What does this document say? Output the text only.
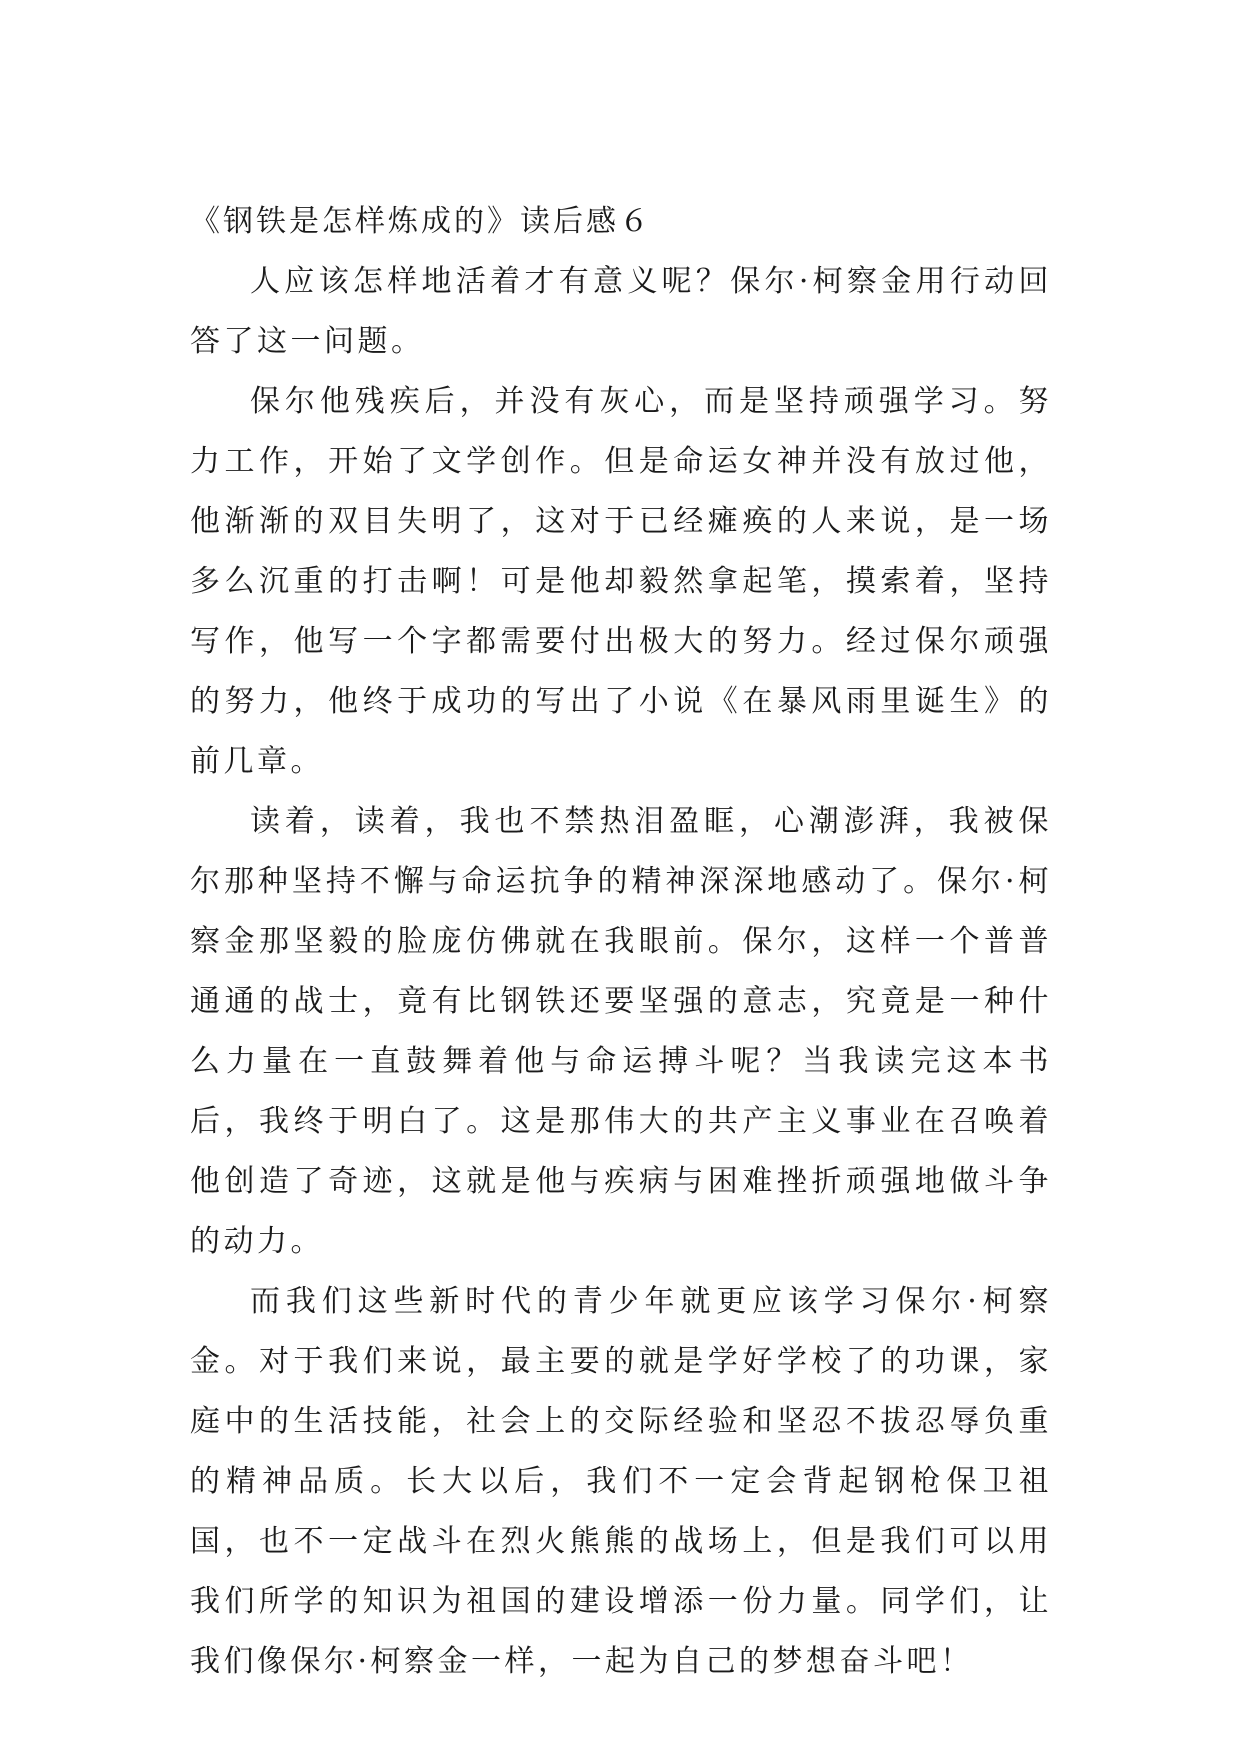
《钢铁是怎样炼成的》读后感６

人应该怎样地活着才有意义呢？保尔·柯察金用行动回答了这一问题。

保尔他残疾后，并没有灰心，而是坚持顽强学习。努力工作，开始了文学创作。但是命运女神并没有放过他，他渐渐的双目失明了，这对于已经瘫痪的人来说，是一场多么沉重的打击啊！可是他却毅然拿起笔，摸索着，坚持写作，他写一个字都需要付出极大的努力。经过保尔顽强的努力，他终于成功的写出了小说《在暴风雨里诞生》的前几章。

读着，读着，我也不禁热泪盈眶，心潮澎湃，我被保尔那种坚持不懈与命运抗争的精神深深地感动了。保尔·柯察金那坚毅的脸庞仿佛就在我眼前。保尔，这样一个普普通通的战士，竟有比钢铁还要坚强的意志，究竟是一种什么力量在一直鼓舞着他与命运搏斗呢？当我读完这本书后，我终于明白了。这是那伟大的共产主义事业在召唤着他创造了奇迹，这就是他与疾病与困难挫折顽强地做斗争的动力。

而我们这些新时代的青少年就更应该学习保尔·柯察金。对于我们来说，最主要的就是学好学校了的功课，家庭中的生活技能，社会上的交际经验和坚忍不拔忍辱负重的精神品质。长大以后，我们不一定会背起钢枪保卫祖国，也不一定战斗在烈火熊熊的战场上，但是我们可以用我们所学的知识为祖国的建设增添一份力量。同学们，让我们像保尔·柯察金一样，一起为自己的梦想奋斗吧！
